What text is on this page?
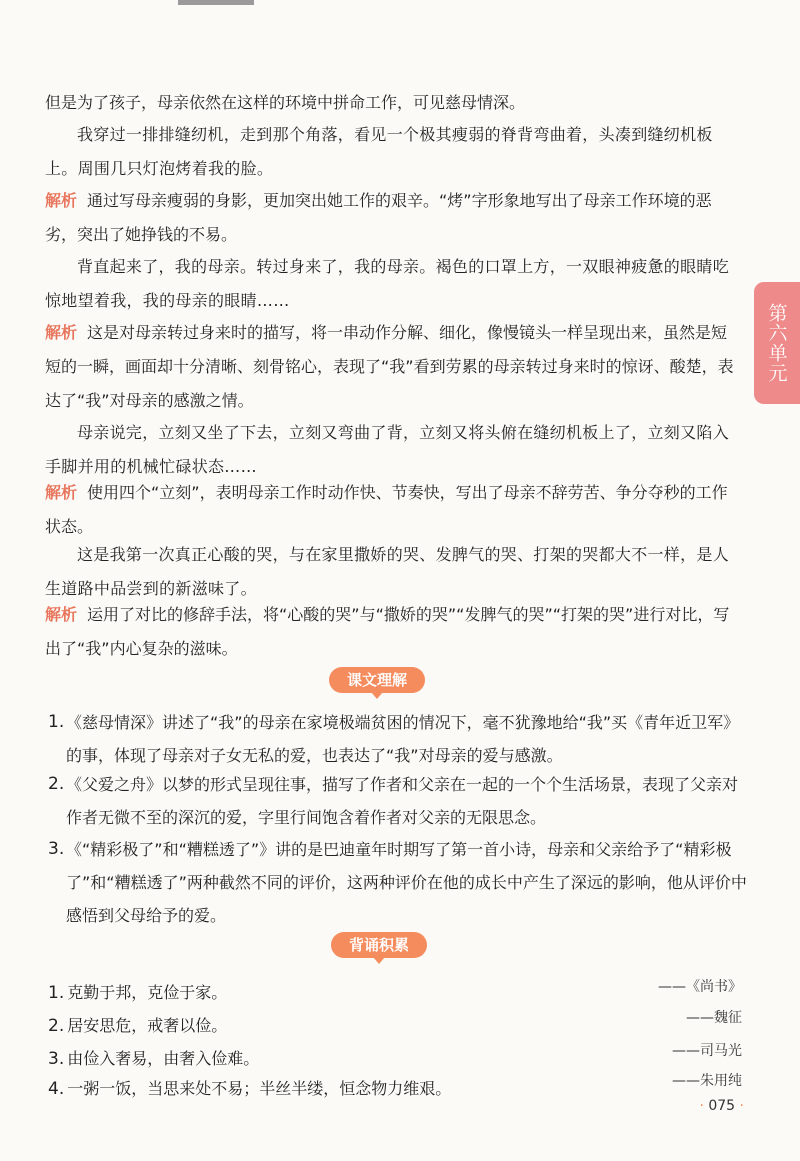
第六单元

但是为了孩子，母亲依然在这样的环境中拼命工作，可见慈母情深。

我穿过一排排缝纫机，走到那个角落，看见一个极其瘦弱的脊背弯曲着，头凑到缝纫机板上。周围几只灯泡烤着我的脸。

解析 通过写母亲瘦弱的身影，更加突出她工作的艰辛。“烤”字形象地写出了母亲工作环境的恶劣，突出了她挣钱的不易。

背直起来了，我的母亲。转过身来了，我的母亲。褐色的口罩上方，一双眼神疲惫的眼睛吃惊地望着我，我的母亲的眼睛……

解析 这是对母亲转过身来时的描写，将一串动作分解、细化，像慢镜头一样呈现出来，虽然是短短的一瞬，画面却十分清晰、刻骨铭心，表现了“我”看到劳累的母亲转过身来时的惊讶、酸楚，表达了“我”对母亲的感激之情。

母亲说完，立刻又坐了下去，立刻又弯曲了背，立刻又将头俯在缝纫机板上了，立刻又陷入手脚并用的机械忙碌状态……

解析 使用四个“立刻”，表明母亲工作时动作快、节奏快，写出了母亲不辞劳苦、争分夺秒的工作状态。

这是我第一次真正心酸的哭，与在家里撒娇的哭、发脾气的哭、打架的哭都大不一样，是人生道路中品尝到的新滋味了。

解析 运用了对比的修辞手法，将“心酸的哭”与“撒娇的哭”“发脾气的哭”“打架的哭”进行对比，写出了“我”内心复杂的滋味。

课文理解
1. 《慈母情深》讲述了“我”的母亲在家境极端贫困的情况下，毫不犹豫地给“我”买《青年近卫军》的事，体现了母亲对子女无私的爱，也表达了“我”对母亲的爱与感激。
2. 《父爱之舟》以梦的形式呈现往事，描写了作者和父亲在一起的一个个生活场景，表现了父亲对作者无微不至的深沉的爱，字里行间饱含着作者对父亲的无限思念。
3. 《“精彩极了”和“糟糕透了”》讲的是巴迪童年时期写了第一首小诗，母亲和父亲给予了“精彩极了”和“糟糕透了”两种截然不同的评价，这两种评价在他的成长中产生了深远的影响，他从评价中感悟到父母给予的爱。
背诵积累
1. 克勤于邦，克俭于家。	——《尚书》
2. 居安思危，戒奢以俭。	——魏征
3. 由俭入奢易，由奢入俭难。	——司马光
4. 一粥一饭，当思来处不易；半丝半缕，恒念物力维艰。	——朱用纯
· 075 ·
